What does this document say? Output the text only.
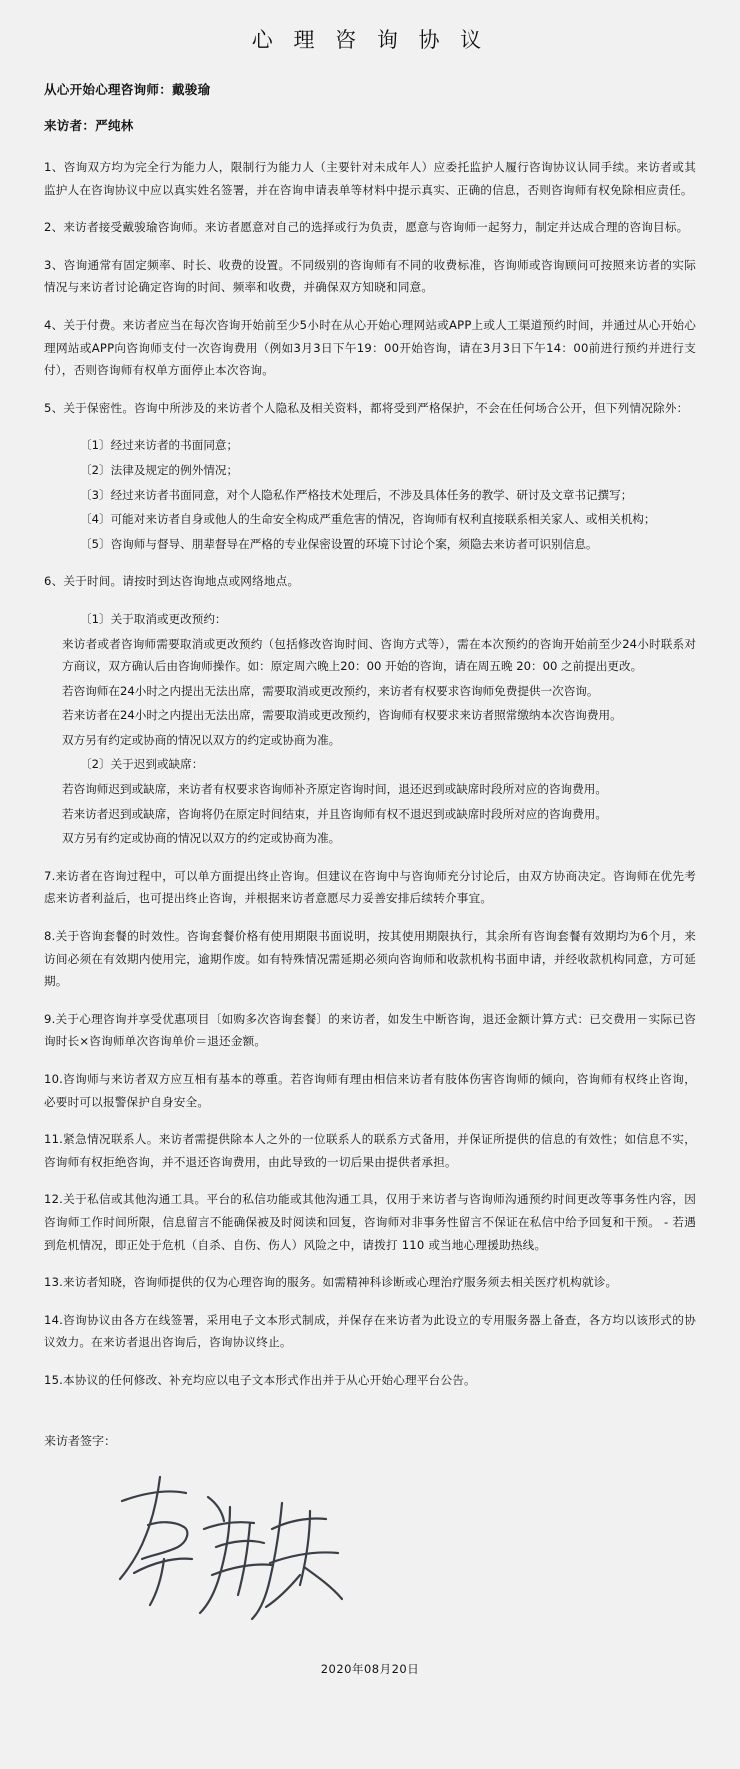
心 理 咨 询 协 议
从心开始心理咨询师：戴骏瑜
来访者：严纯林

1、咨询双方均为完全行为能力人，限制行为能力人（主要针对未成年人）应委托监护人履行咨询协议认同手续。来访者或其监护人在咨询协议中应以真实姓名签署，并在咨询申请表单等材料中提示真实、正确的信息，否则咨询师有权免除相应责任。

2、来访者接受戴骏瑜咨询师。来访者愿意对自己的选择或行为负责，愿意与咨询师一起努力，制定并达成合理的咨询目标。

3、咨询通常有固定频率、时长、收费的设置。不同级别的咨询师有不同的收费标准，咨询师或咨询顾问可按照来访者的实际情况与来访者讨论确定咨询的时间、频率和收费，并确保双方知晓和同意。

4、关于付费。来访者应当在每次咨询开始前至少5小时在从心开始心理网站或APP上或人工渠道预约时间，并通过从心开始心理网站或APP向咨询师支付一次咨询费用（例如3月3日下午19：00开始咨询，请在3月3日下午14：00前进行预约并进行支付），否则咨询师有权单方面停止本次咨询。

5、关于保密性。咨询中所涉及的来访者个人隐私及相关资料，都将受到严格保护，不会在任何场合公开，但下列情况除外：

〔1〕经过来访者的书面同意；
〔2〕法律及规定的例外情况；
〔3〕经过来访者书面同意，对个人隐私作严格技术处理后，不涉及具体任务的教学、研讨及文章书记撰写；
〔4〕可能对来访者自身或他人的生命安全构成严重危害的情况，咨询师有权利直接联系相关家人、或相关机构；
〔5〕咨询师与督导、朋辈督导在严格的专业保密设置的环境下讨论个案，须隐去来访者可识别信息。

6、关于时间。请按时到达咨询地点或网络地点。

〔1〕关于取消或更改预约：
来访者或者咨询师需要取消或更改预约（包括修改咨询时间、咨询方式等），需在本次预约的咨询开始前至少24小时联系对方商议，双方确认后由咨询师操作。如：原定周六晚上20：00 开始的咨询，请在周五晚 20：00 之前提出更改。
若咨询师在24小时之内提出无法出席，需要取消或更改预约，来访者有权要求咨询师免费提供一次咨询。
若来访者在24小时之内提出无法出席，需要取消或更改预约，咨询师有权要求来访者照常缴纳本次咨询费用。
双方另有约定或协商的情况以双方的约定或协商为准。
〔2〕关于迟到或缺席：
若咨询师迟到或缺席，来访者有权要求咨询师补齐原定咨询时间，退还迟到或缺席时段所对应的咨询费用。
若来访者迟到或缺席，咨询将仍在原定时间结束，并且咨询师有权不退迟到或缺席时段所对应的咨询费用。
双方另有约定或协商的情况以双方的约定或协商为准。

7.来访者在咨询过程中，可以单方面提出终止咨询。但建议在咨询中与咨询师充分讨论后，由双方协商决定。咨询师在优先考虑来访者利益后，也可提出终止咨询，并根据来访者意愿尽力妥善安排后续转介事宜。

8.关于咨询套餐的时效性。咨询套餐价格有使用期限书面说明，按其使用期限执行，其余所有咨询套餐有效期均为6个月，来访间必须在有效期内使用完，逾期作废。如有特殊情况需延期必须向咨询师和收款机构书面申请，并经收款机构同意，方可延期。

9.关于心理咨询并享受优惠项目〔如购多次咨询套餐〕的来访者，如发生中断咨询，退还金额计算方式：已交费用－实际已咨询时长×咨询师单次咨询单价＝退还金额。

10.咨询师与来访者双方应互相有基本的尊重。若咨询师有理由相信来访者有肢体伤害咨询师的倾向，咨询师有权终止咨询，必要时可以报警保护自身安全。

11.紧急情况联系人。来访者需提供除本人之外的一位联系人的联系方式备用，并保证所提供的信息的有效性；如信息不实，咨询师有权拒绝咨询，并不退还咨询费用，由此导致的一切后果由提供者承担。

12.关于私信或其他沟通工具。平台的私信功能或其他沟通工具，仅用于来访者与咨询师沟通预约时间更改等事务性内容，因咨询师工作时间所限，信息留言不能确保被及时阅读和回复，咨询师对非事务性留言不保证在私信中给予回复和干预。 - 若遇到危机情况，即正处于危机（自杀、自伤、伤人）风险之中，请拨打 110 或当地心理援助热线。

13.来访者知晓，咨询师提供的仅为心理咨询的服务。如需精神科诊断或心理治疗服务须去相关医疗机构就诊。

14.咨询协议由各方在线签署，采用电子文本形式制成，并保存在来访者为此设立的专用服务器上备查，各方均以该形式的协议效力。在来访者退出咨询后，咨询协议终止。

15.本协议的任何修改、补充均应以电子文本形式作出并于从心开始心理平台公告。

来访者签字：
2020年08月20日
